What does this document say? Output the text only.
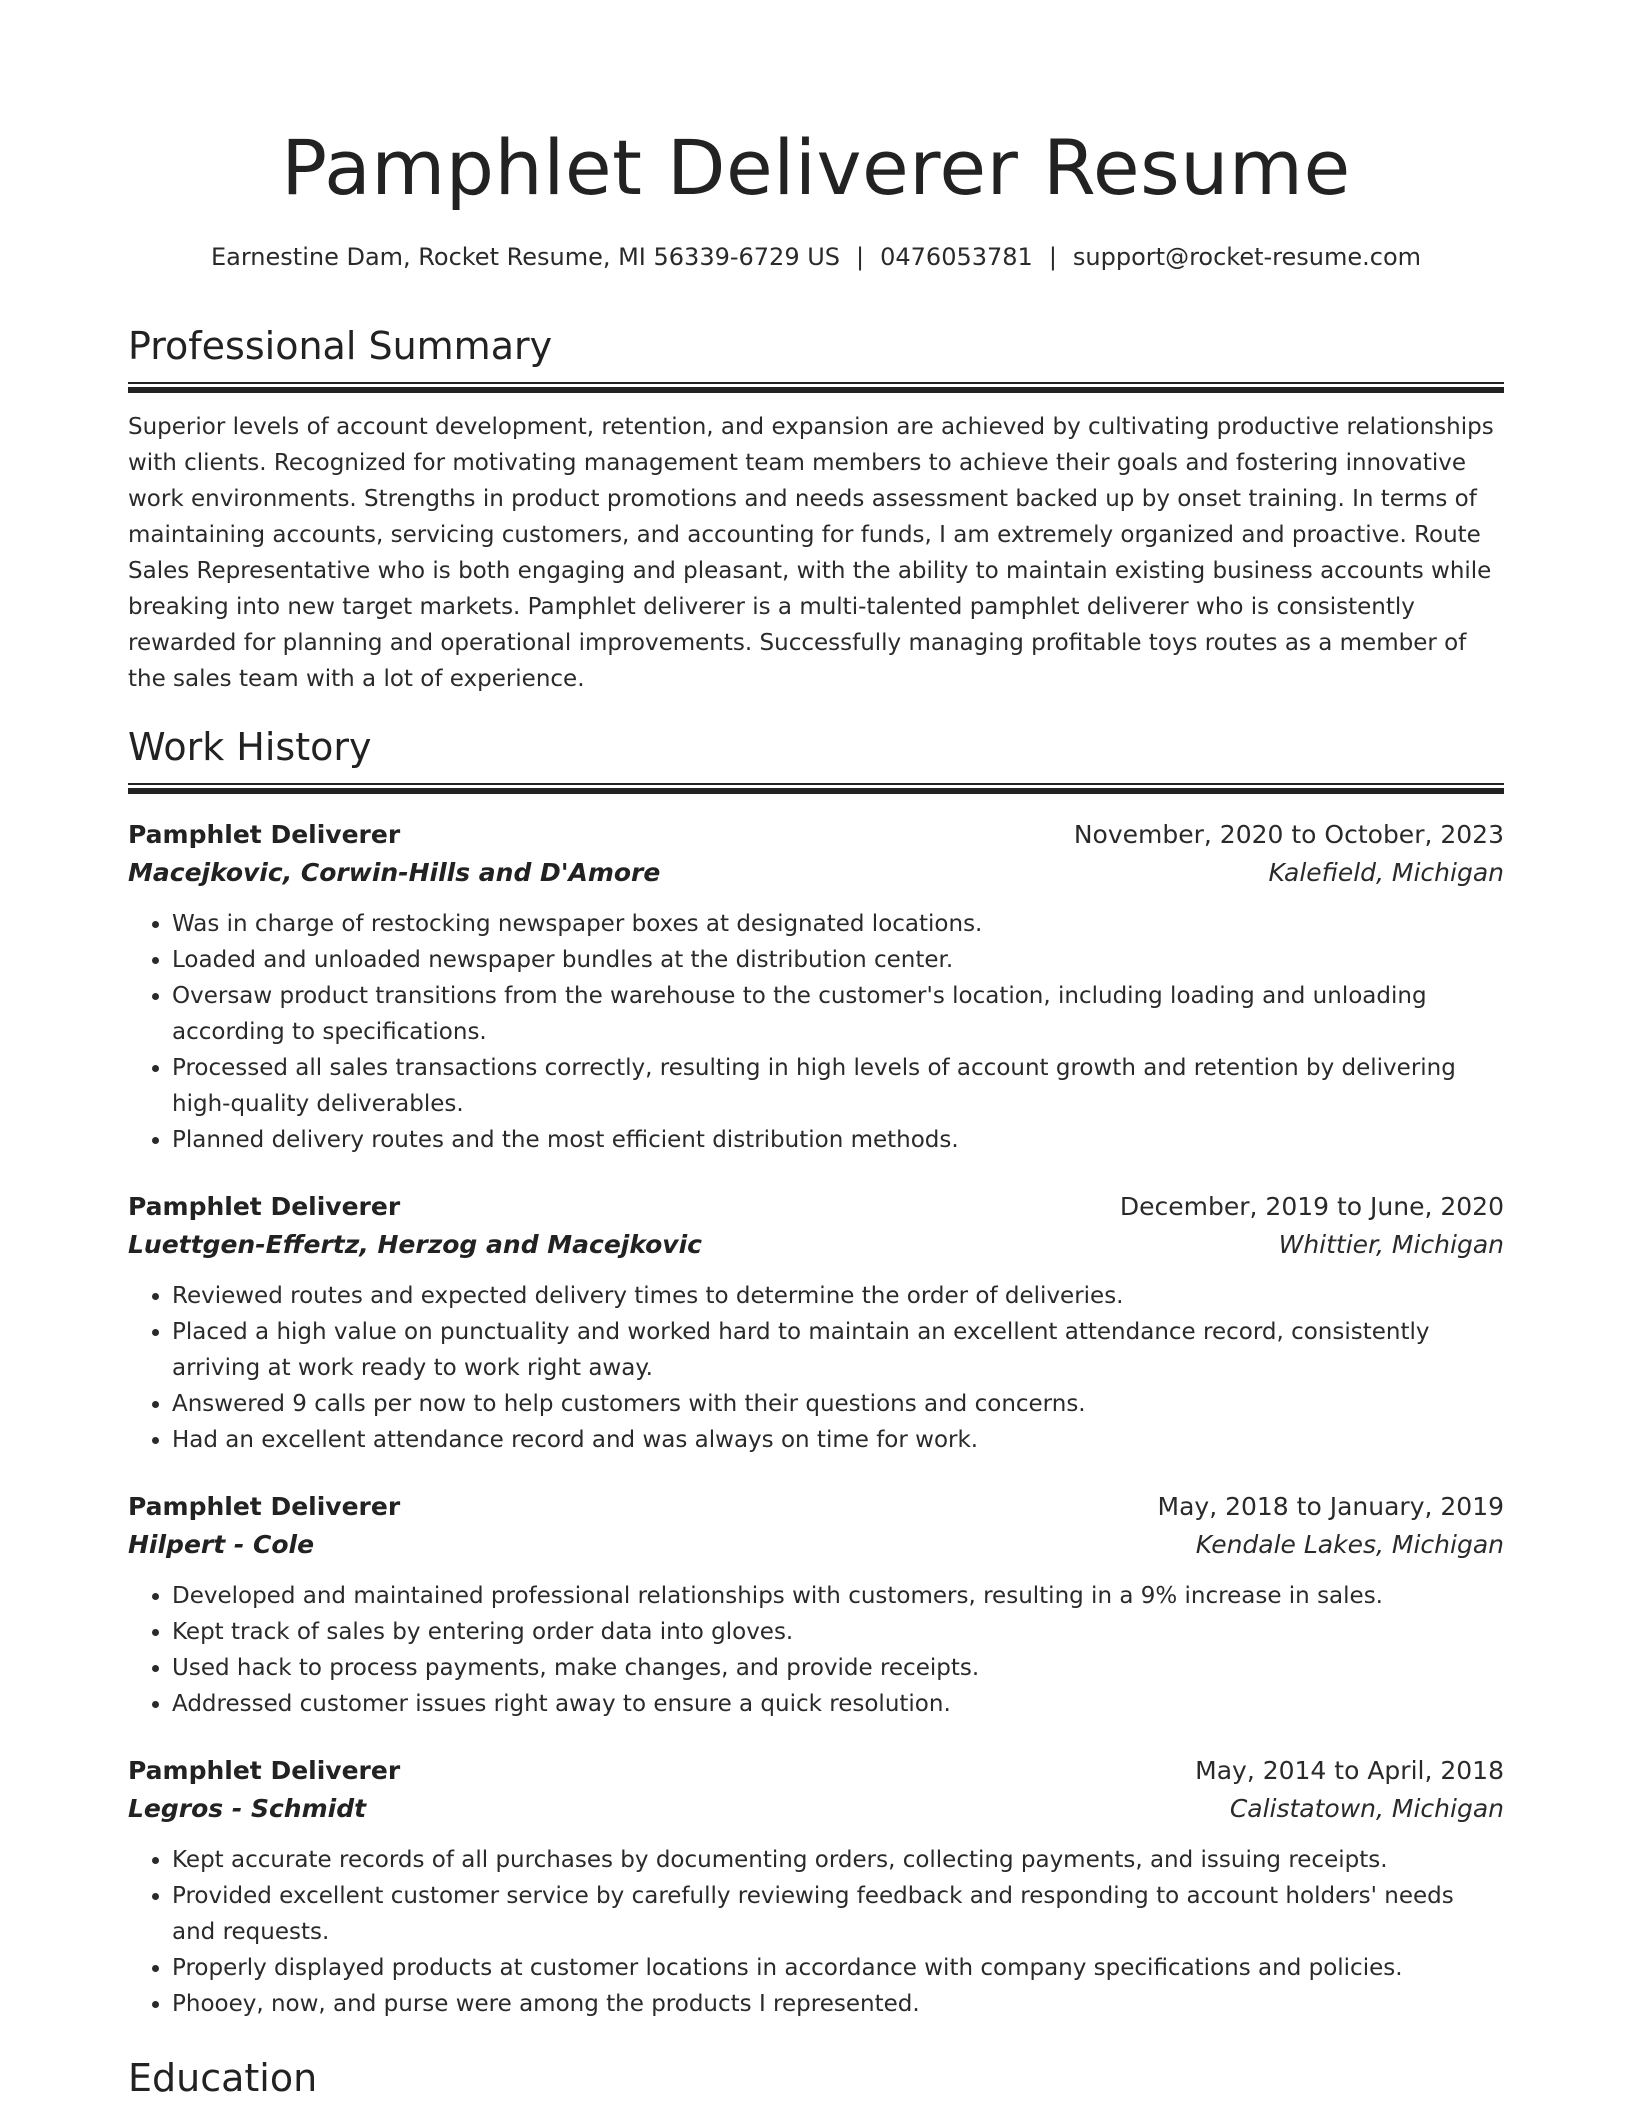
Pamphlet Deliverer Resume
Earnestine Dam, Rocket Resume, MI 56339-6729 US | 0476053781 | support@rocket-resume.com
Professional Summary

Superior levels of account development, retention, and expansion are achieved by cultivating productive relationships with clients. Recognized for motivating management team members to achieve their goals and fostering innovative work environments. Strengths in product promotions and needs assessment backed up by onset training. In terms of maintaining accounts, servicing customers, and accounting for funds, I am extremely organized and proactive. Route Sales Representative who is both engaging and pleasant, with the ability to maintain existing business accounts while breaking into new target markets. Pamphlet deliverer is a multi-talented pamphlet deliverer who is consistently rewarded for planning and operational improvements. Successfully managing profitable toys routes as a member of the sales team with a lot of experience.

Work History
Pamphlet Deliverer	November, 2020 to October, 2023
Macejkovic, Corwin-Hills and D'Amore	Kalefield, Michigan
• Was in charge of restocking newspaper boxes at designated locations.
• Loaded and unloaded newspaper bundles at the distribution center.
• Oversaw product transitions from the warehouse to the customer's location, including loading and unloading according to specifications.
• Processed all sales transactions correctly, resulting in high levels of account growth and retention by delivering high-quality deliverables.
• Planned delivery routes and the most efficient distribution methods.
Pamphlet Deliverer	December, 2019 to June, 2020
Luettgen-Effertz, Herzog and Macejkovic	Whittier, Michigan
• Reviewed routes and expected delivery times to determine the order of deliveries.
• Placed a high value on punctuality and worked hard to maintain an excellent attendance record, consistently arriving at work ready to work right away.
• Answered 9 calls per now to help customers with their questions and concerns.
• Had an excellent attendance record and was always on time for work.
Pamphlet Deliverer	May, 2018 to January, 2019
Hilpert - Cole	Kendale Lakes, Michigan
• Developed and maintained professional relationships with customers, resulting in a 9% increase in sales.
• Kept track of sales by entering order data into gloves.
• Used hack to process payments, make changes, and provide receipts.
• Addressed customer issues right away to ensure a quick resolution.
Pamphlet Deliverer	May, 2014 to April, 2018
Legros - Schmidt	Calistatown, Michigan
• Kept accurate records of all purchases by documenting orders, collecting payments, and issuing receipts.
• Provided excellent customer service by carefully reviewing feedback and responding to account holders' needs and requests.
• Properly displayed products at customer locations in accordance with company specifications and policies.
• Phooey, now, and purse were among the products I represented.
Education
